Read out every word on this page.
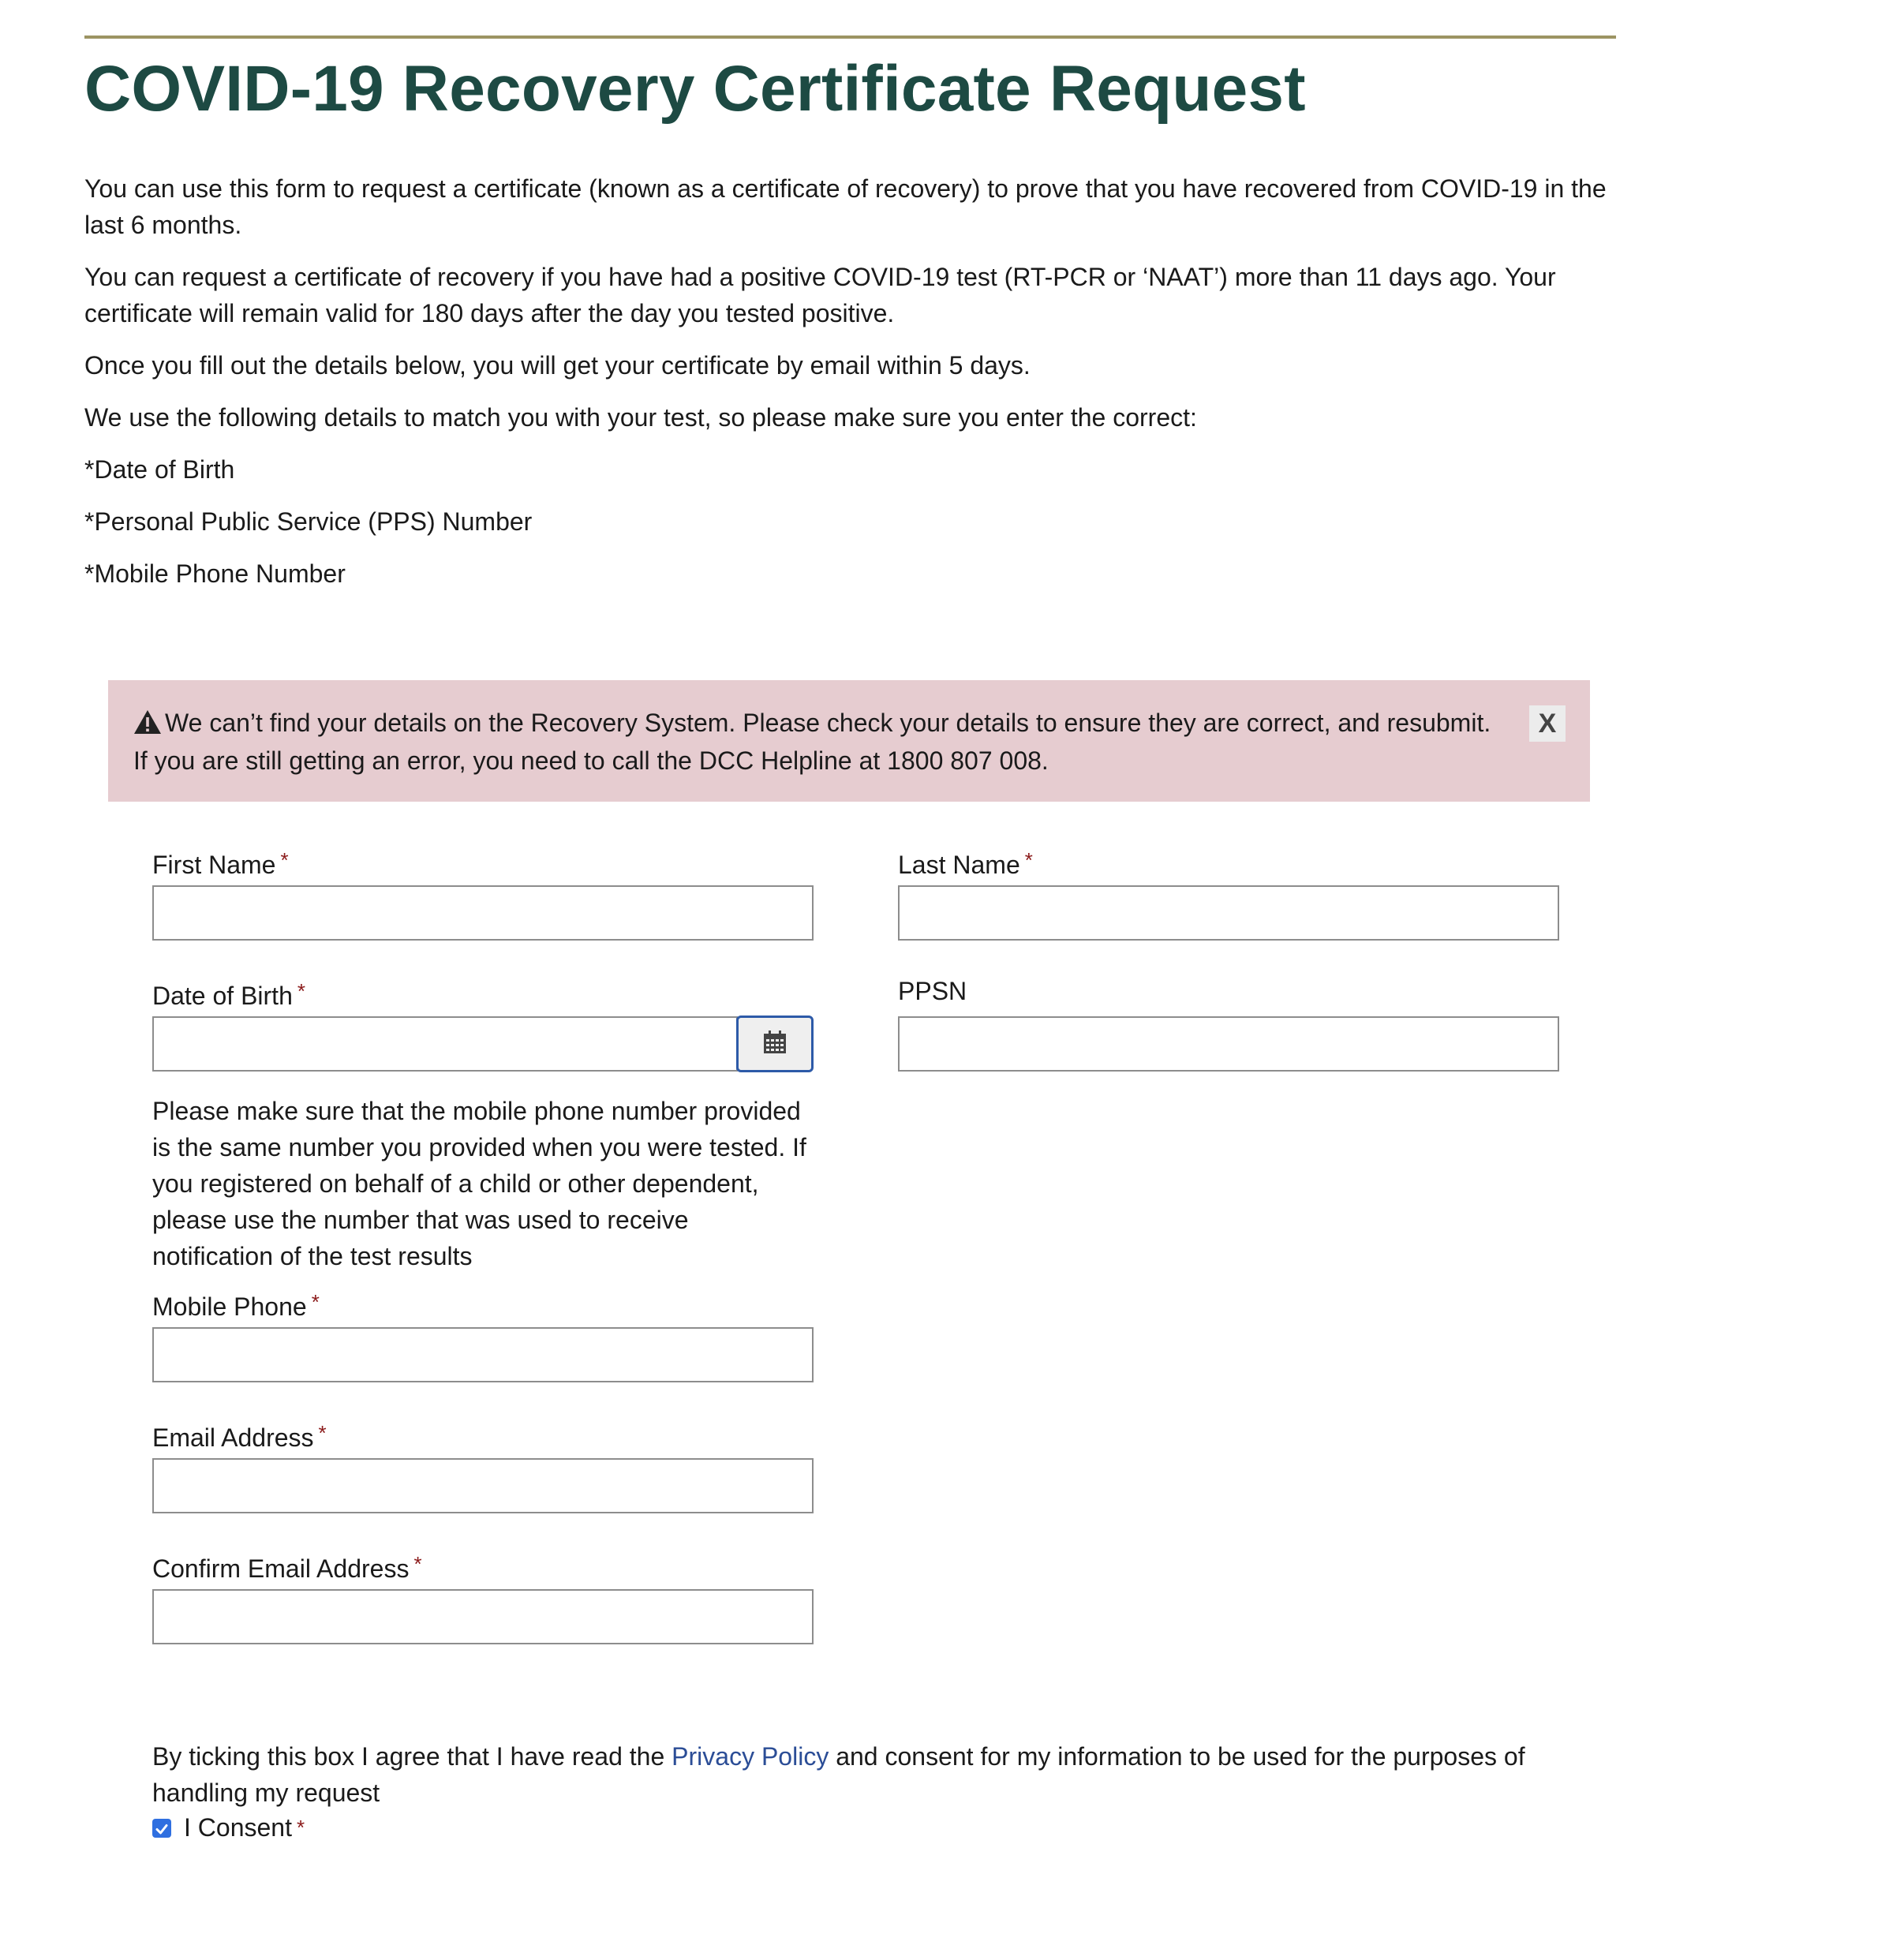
COVID-19 Recovery Certificate Request

You can use this form to request a certificate (known as a certificate of recovery) to prove that you have recovered from COVID-19 in the last 6 months.

You can request a certificate of recovery if you have had a positive COVID-19 test (RT-PCR or ‘NAAT’) more than 11 days ago. Your certificate will remain valid for 180 days after the day you tested positive.

Once you fill out the details below, you will get your certificate by email within 5 days.

We use the following details to match you with your test, so please make sure you enter the correct:

*Date of Birth

*Personal Public Service (PPS) Number

*Mobile Phone Number

We can’t find your details on the Recovery System. Please check your details to ensure they are correct, and resubmit. If you are still getting an error, you need to call the DCC Helpline at 1800 807 008.
X
First Name *	Last Name *
Date of Birth *	PPSN
Please make sure that the mobile phone number provided is the same number you provided when you were tested. If you registered on behalf of a child or other dependent, please use the number that was used to receive notification of the test results
Mobile Phone *
Email Address *
Confirm Email Address *
By ticking this box I agree that I have read the Privacy Policy and consent for my information to be used for the purposes of handling my request
I Consent *
